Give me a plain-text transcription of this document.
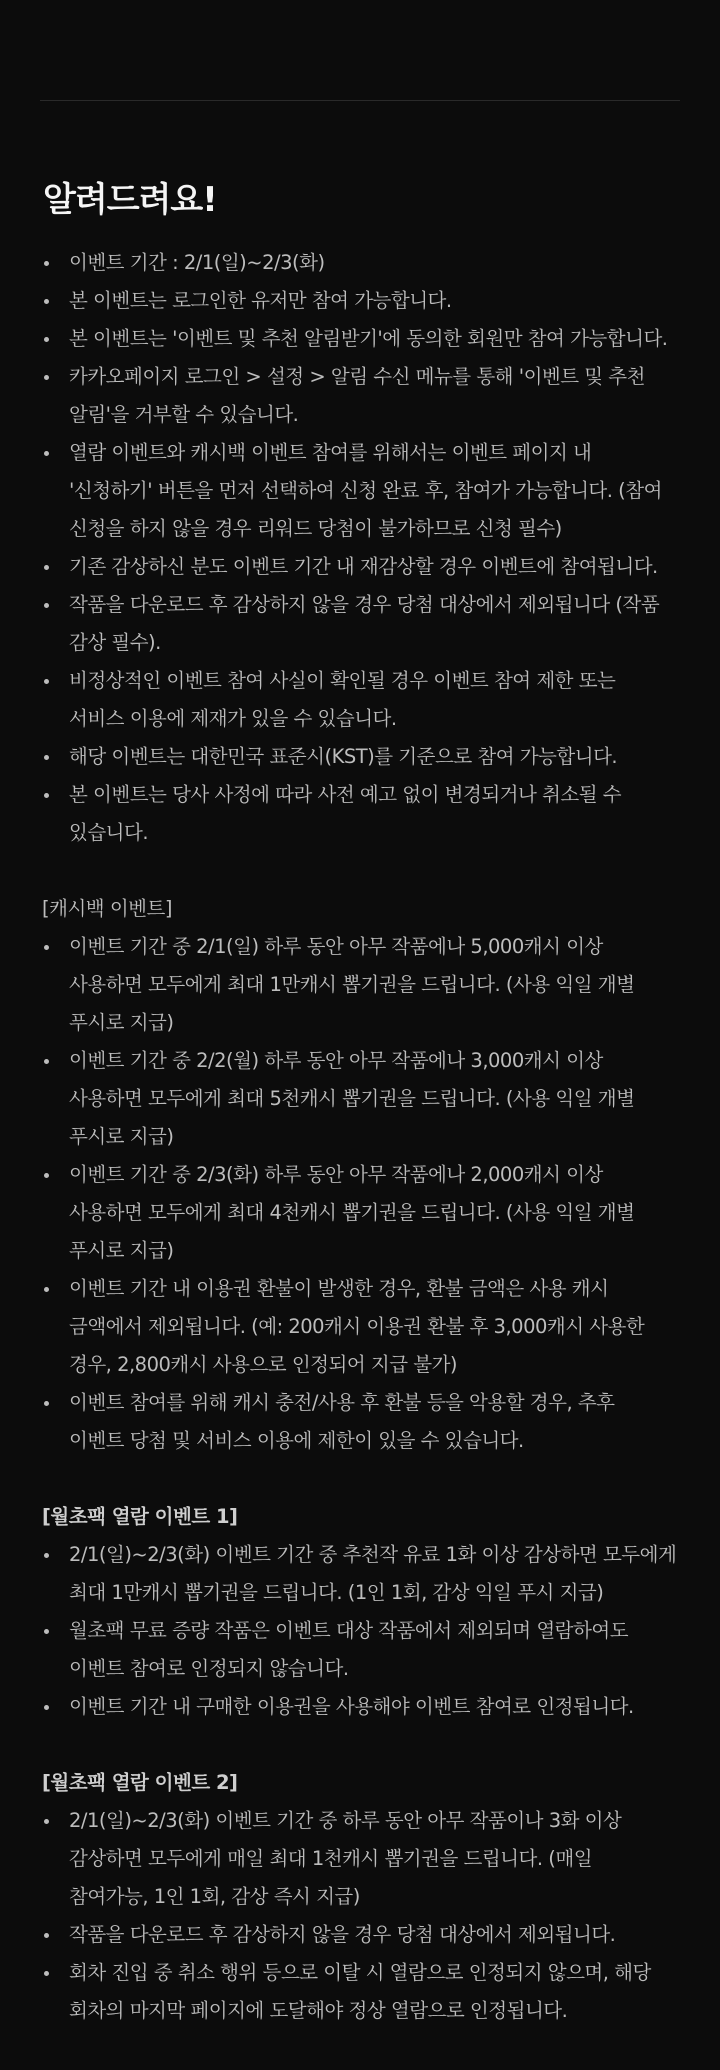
알려드려요!
이벤트 기간 : 2/1(일)~2/3(화)
본 이벤트는 로그인한 유저만 참여 가능합니다.
본 이벤트는 '이벤트 및 추천 알림받기'에 동의한 회원만 참여 가능합니다.
카카오페이지 로그인 > 설정 > 알림 수신 메뉴를 통해 '이벤트 및 추천
알림'을 거부할 수 있습니다.
열람 이벤트와 캐시백 이벤트 참여를 위해서는 이벤트 페이지 내
'신청하기' 버튼을 먼저 선택하여 신청 완료 후, 참여가 가능합니다. (참여
신청을 하지 않을 경우 리워드 당첨이 불가하므로 신청 필수)
기존 감상하신 분도 이벤트 기간 내 재감상할 경우 이벤트에 참여됩니다.
작품을 다운로드 후 감상하지 않을 경우 당첨 대상에서 제외됩니다 (작품
감상 필수).
비정상적인 이벤트 참여 사실이 확인될 경우 이벤트 참여 제한 또는
서비스 이용에 제재가 있을 수 있습니다.
해당 이벤트는 대한민국 표준시(KST)를 기준으로 참여 가능합니다.
본 이벤트는 당사 사정에 따라 사전 예고 없이 변경되거나 취소될 수
있습니다.
[캐시백 이벤트]
이벤트 기간 중 2/1(일) 하루 동안 아무 작품에나 5,000캐시 이상
사용하면 모두에게 최대 1만캐시 뽑기권을 드립니다. (사용 익일 개별
푸시로 지급)
이벤트 기간 중 2/2(월) 하루 동안 아무 작품에나 3,000캐시 이상
사용하면 모두에게 최대 5천캐시 뽑기권을 드립니다. (사용 익일 개별
푸시로 지급)
이벤트 기간 중 2/3(화) 하루 동안 아무 작품에나 2,000캐시 이상
사용하면 모두에게 최대 4천캐시 뽑기권을 드립니다. (사용 익일 개별
푸시로 지급)
이벤트 기간 내 이용권 환불이 발생한 경우, 환불 금액은 사용 캐시
금액에서 제외됩니다. (예: 200캐시 이용권 환불 후 3,000캐시 사용한
경우, 2,800캐시 사용으로 인정되어 지급 불가)
이벤트 참여를 위해 캐시 충전/사용 후 환불 등을 악용할 경우, 추후
이벤트 당첨 및 서비스 이용에 제한이 있을 수 있습니다.
[월초팩 열람 이벤트 1]
2/1(일)~2/3(화) 이벤트 기간 중 추천작 유료 1화 이상 감상하면 모두에게
최대 1만캐시 뽑기권을 드립니다. (1인 1회, 감상 익일 푸시 지급)
월초팩 무료 증량 작품은 이벤트 대상 작품에서 제외되며 열람하여도
이벤트 참여로 인정되지 않습니다.
이벤트 기간 내 구매한 이용권을 사용해야 이벤트 참여로 인정됩니다.
[월초팩 열람 이벤트 2]
2/1(일)~2/3(화) 이벤트 기간 중 하루 동안 아무 작품이나 3화 이상
감상하면 모두에게 매일 최대 1천캐시 뽑기권을 드립니다. (매일
참여가능, 1인 1회, 감상 즉시 지급)
작품을 다운로드 후 감상하지 않을 경우 당첨 대상에서 제외됩니다.
회차 진입 중 취소 행위 등으로 이탈 시 열람으로 인정되지 않으며, 해당
회차의 마지막 페이지에 도달해야 정상 열람으로 인정됩니다.
